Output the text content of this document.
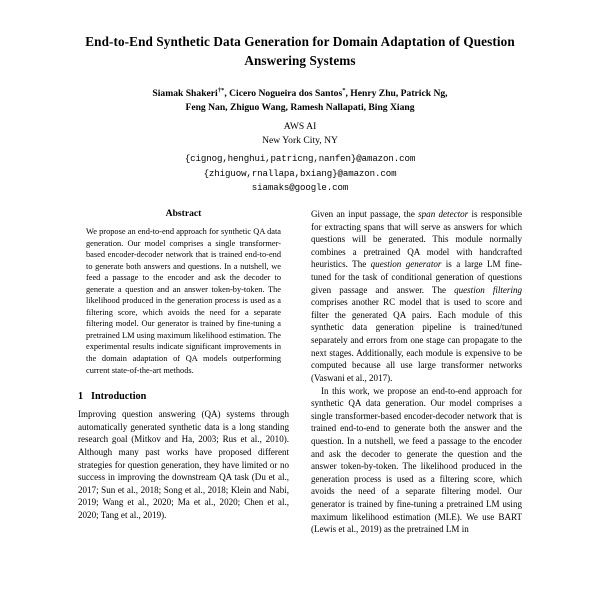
End-to-End Synthetic Data Generation for Domain Adaptation of Question Answering Systems
Siamak Shakeri†*, Cicero Nogueira dos Santos*, Henry Zhu, Patrick Ng,
Feng Nan, Zhiguo Wang, Ramesh Nallapati, Bing Xiang
AWS AI
New York City, NY
{cignog,henghui,patricng,nanfen}@amazon.com
{zhiguow,rnallapa,bxiang}@amazon.com
siamaks@google.com
Abstract

We propose an end-to-end approach for synthetic QA data generation. Our model comprises a single transformer-based encoder-decoder network that is trained end-to-end to generate both answers and questions. In a nutshell, we feed a passage to the encoder and ask the decoder to generate a question and an answer token-by-token. The likelihood produced in the generation process is used as a filtering score, which avoids the need for a separate filtering model. Our generator is trained by fine-tuning a pretrained LM using maximum likelihood estimation. The experimental results indicate significant improvements in the domain adaptation of QA models outperforming current state-of-the-art methods.

1 Introduction

Improving question answering (QA) systems through automatically generated synthetic data is a long standing research goal (Mitkov and Ha, 2003; Rus et al., 2010). Although many past works have proposed different strategies for question generation, they have limited or no success in improving the downstream QA task (Du et al., 2017; Sun et al., 2018; Song et al., 2018; Klein and Nabi, 2019; Wang et al., 2020; Ma et al., 2020; Chen et al., 2020; Tang et al., 2019).

Given an input passage, the span detector is responsible for extracting spans that will serve as answers for which questions will be generated. This module normally combines a pretrained QA model with handcrafted heuristics. The question generator is a large LM fine-tuned for the task of conditional generation of questions given passage and answer. The question filtering comprises another RC model that is used to score and filter the generated QA pairs. Each module of this synthetic data generation pipeline is trained/tuned separately and errors from one stage can propagate to the next stages. Additionally, each module is expensive to be computed because all use large transformer networks (Vaswani et al., 2017).

In this work, we propose an end-to-end approach for synthetic QA data generation. Our model comprises a single transformer-based encoder-decoder network that is trained end-to-end to generate both the answer and the question. In a nutshell, we feed a passage to the encoder and ask the decoder to generate the question and the answer token-by-token. The likelihood produced in the generation process is used as a filtering score, which avoids the need of a separate filtering model. Our generator is trained by fine-tuning a pretrained LM using maximum likelihood estimation (MLE). We use BART (Lewis et al., 2019) as the pretrained LM in
